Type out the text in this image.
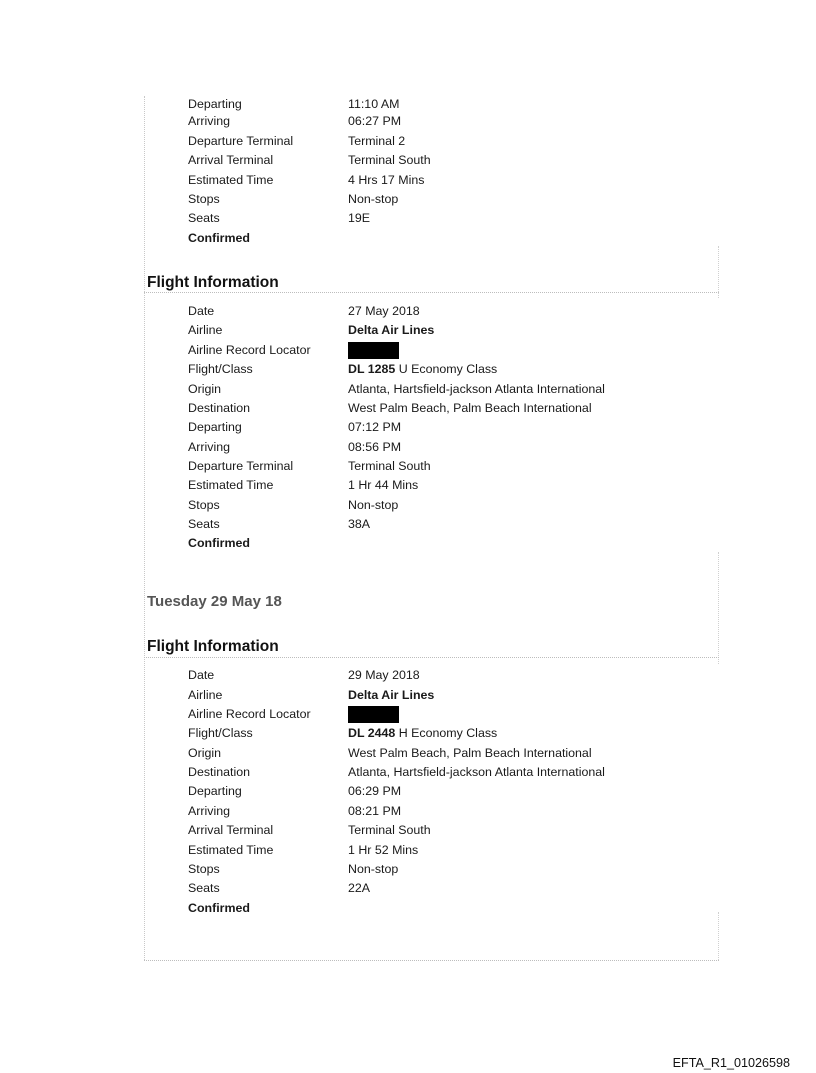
Departing	11:10 AM
Arriving	06:27 PM
Departure Terminal	Terminal 2
Arrival Terminal	Terminal South
Estimated Time	4 Hrs 17 Mins
Stops	Non-stop
Seats	19E
Confirmed
Flight Information
Date	27 May 2018
Airline	Delta Air Lines
Airline Record Locator
Flight/Class	DL 1285 U Economy Class
Origin	Atlanta, Hartsfield-jackson Atlanta International
Destination	West Palm Beach, Palm Beach International
Departing	07:12 PM
Arriving	08:56 PM
Departure Terminal	Terminal South
Estimated Time	1 Hr 44 Mins
Stops	Non-stop
Seats	38A
Confirmed
Tuesday 29 May 18
Flight Information
Date	29 May 2018
Airline	Delta Air Lines
Airline Record Locator
Flight/Class	DL 2448 H Economy Class
Origin	West Palm Beach, Palm Beach International
Destination	Atlanta, Hartsfield-jackson Atlanta International
Departing	06:29 PM
Arriving	08:21 PM
Arrival Terminal	Terminal South
Estimated Time	1 Hr 52 Mins
Stops	Non-stop
Seats	22A
Confirmed
EFTA_R1_01026598
